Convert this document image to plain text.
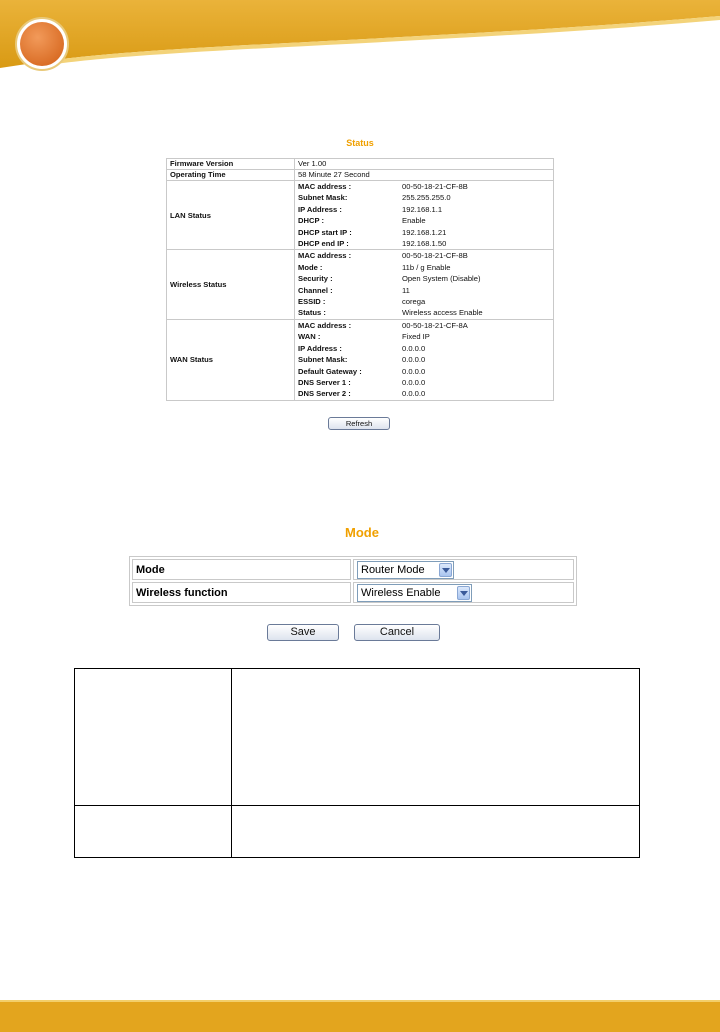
Status
Firmware Version	Ver 1.00
Operating Time	58 Minute 27 Second
LAN Status	
MAC address :	00-50-18-21-CF-8B
Subnet Mask:	255.255.255.0
IP Address :	192.168.1.1
DHCP :	Enable
DHCP start IP :	192.168.1.21
DHCP end IP :	192.168.1.50

Wireless Status	
MAC address :	00-50-18-21-CF-8B
Mode :	11b / g Enable
Security :	Open System (Disable)
Channel :	11
ESSID :	corega
Status :	Wireless access Enable

WAN Status	
MAC address :	00-50-18-21-CF-8A
WAN :	Fixed IP
IP Address :	0.0.0.0
Subnet Mask:	0.0.0.0
Default Gateway :	0.0.0.0
DNS Server 1 :	0.0.0.0
DNS Server 2 :	0.0.0.0
Refresh
Mode
Mode	Router Mode

Wireless function	Wireless Enable
Save	Cancel
